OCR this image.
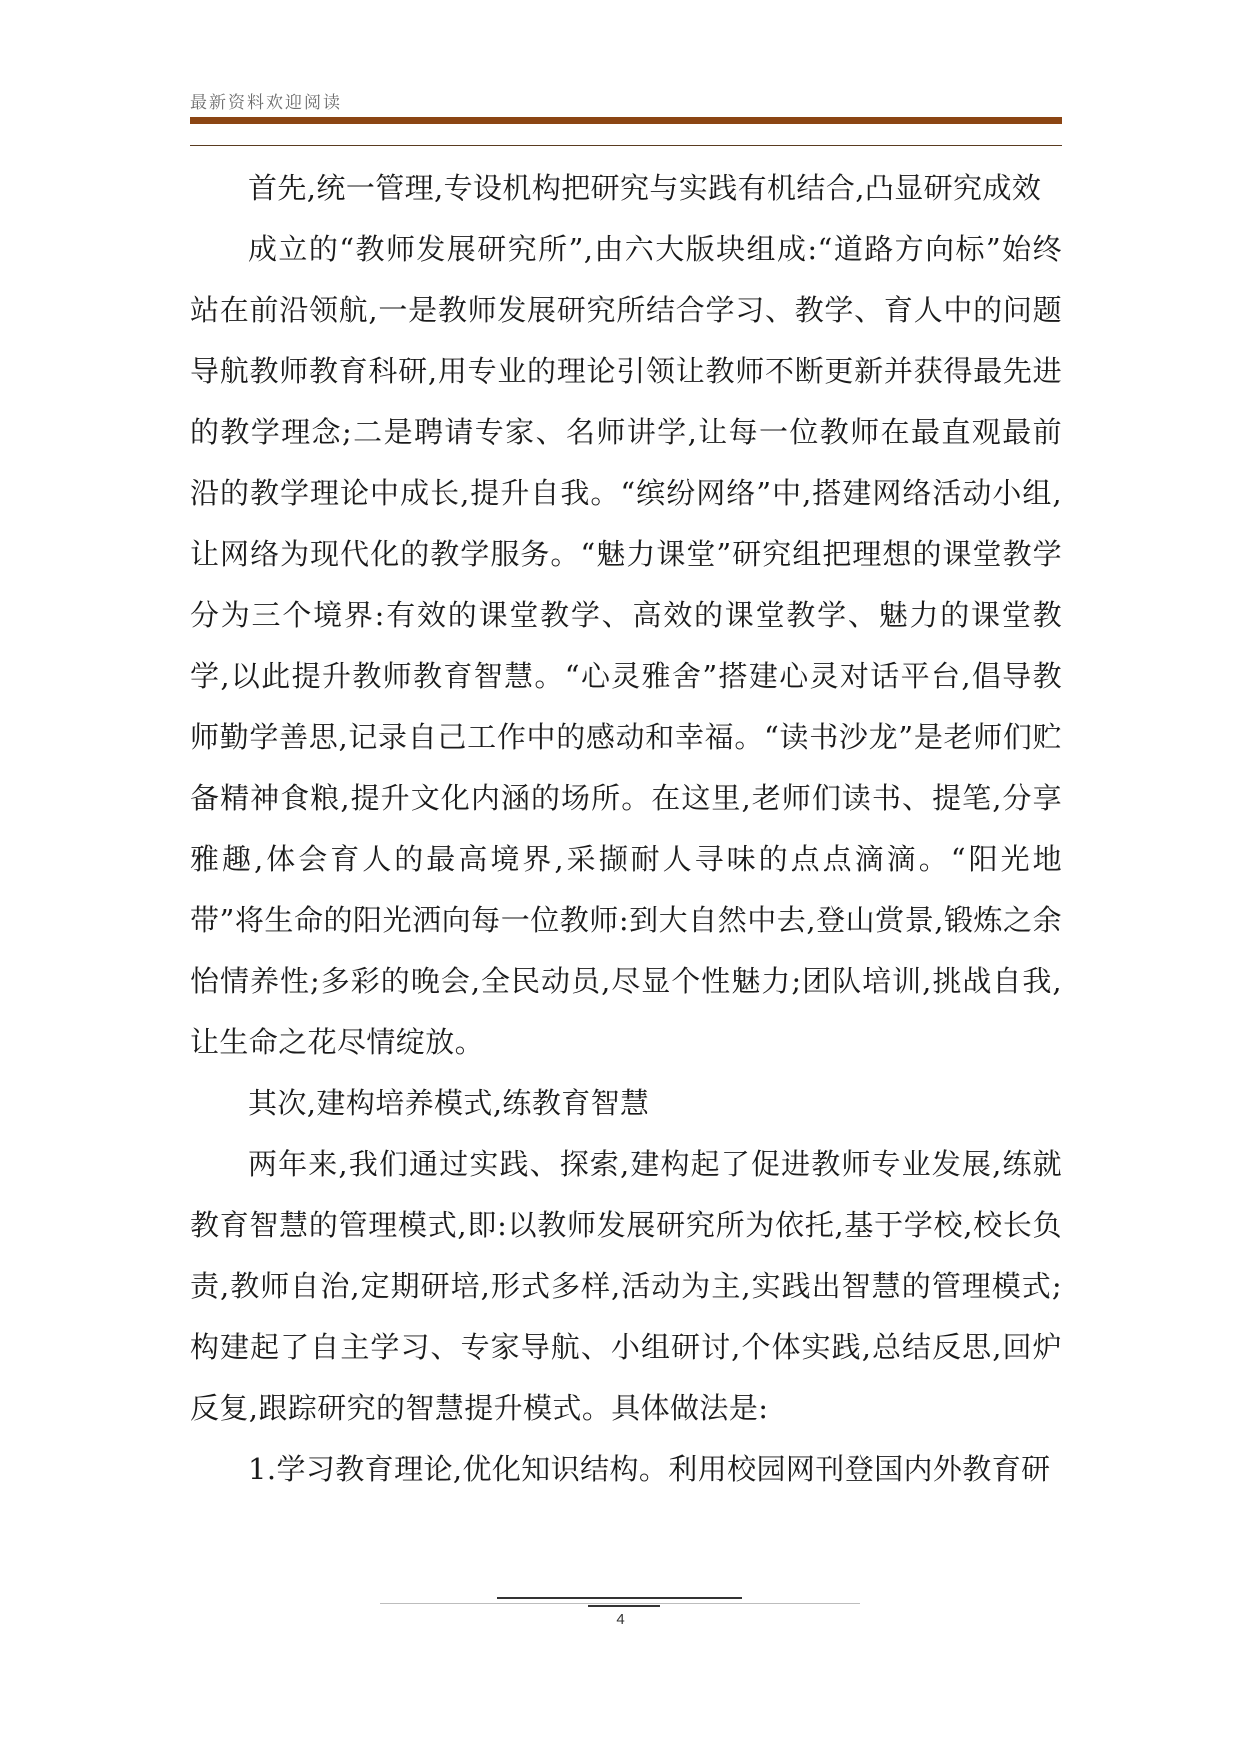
最新资料欢迎阅读

首先,统一管理,专设机构把研究与实践有机结合,凸显研究成效

成立的“教师发展研究所”,由六大版块组成:“道路方向标”始终站在前沿领航,一是教师发展研究所结合学习、教学、育人中的问题导航教师教育科研,用专业的理论引领让教师不断更新并获得最先进的教学理念;二是聘请专家、名师讲学,让每一位教师在最直观最前沿的教学理论中成长,提升自我。“缤纷网络”中,搭建网络活动小组,让网络为现代化的教学服务。“魅力课堂”研究组把理想的课堂教学分为三个境界:有效的课堂教学、高效的课堂教学、魅力的课堂教学,以此提升教师教育智慧。“心灵雅舍”搭建心灵对话平台,倡导教师勤学善思,记录自己工作中的感动和幸福。“读书沙龙”是老师们贮备精神食粮,提升文化内涵的场所。在这里,老师们读书、提笔,分享雅趣,体会育人的最高境界,采撷耐人寻味的点点滴滴。“阳光地带”将生命的阳光洒向每一位教师:到大自然中去,登山赏景,锻炼之余怡情养性;多彩的晚会,全民动员,尽显个性魅力;团队培训,挑战自我,让生命之花尽情绽放。

其次,建构培养模式,练教育智慧

两年来,我们通过实践、探索,建构起了促进教师专业发展,练就教育智慧的管理模式,即:以教师发展研究所为依托,基于学校,校长负责,教师自治,定期研培,形式多样,活动为主,实践出智慧的管理模式;构建起了自主学习、专家导航、小组研讨,个体实践,总结反思,回炉反复,跟踪研究的智慧提升模式。具体做法是:

1.学习教育理论,优化知识结构。利用校园网刊登国内外教育研

4
